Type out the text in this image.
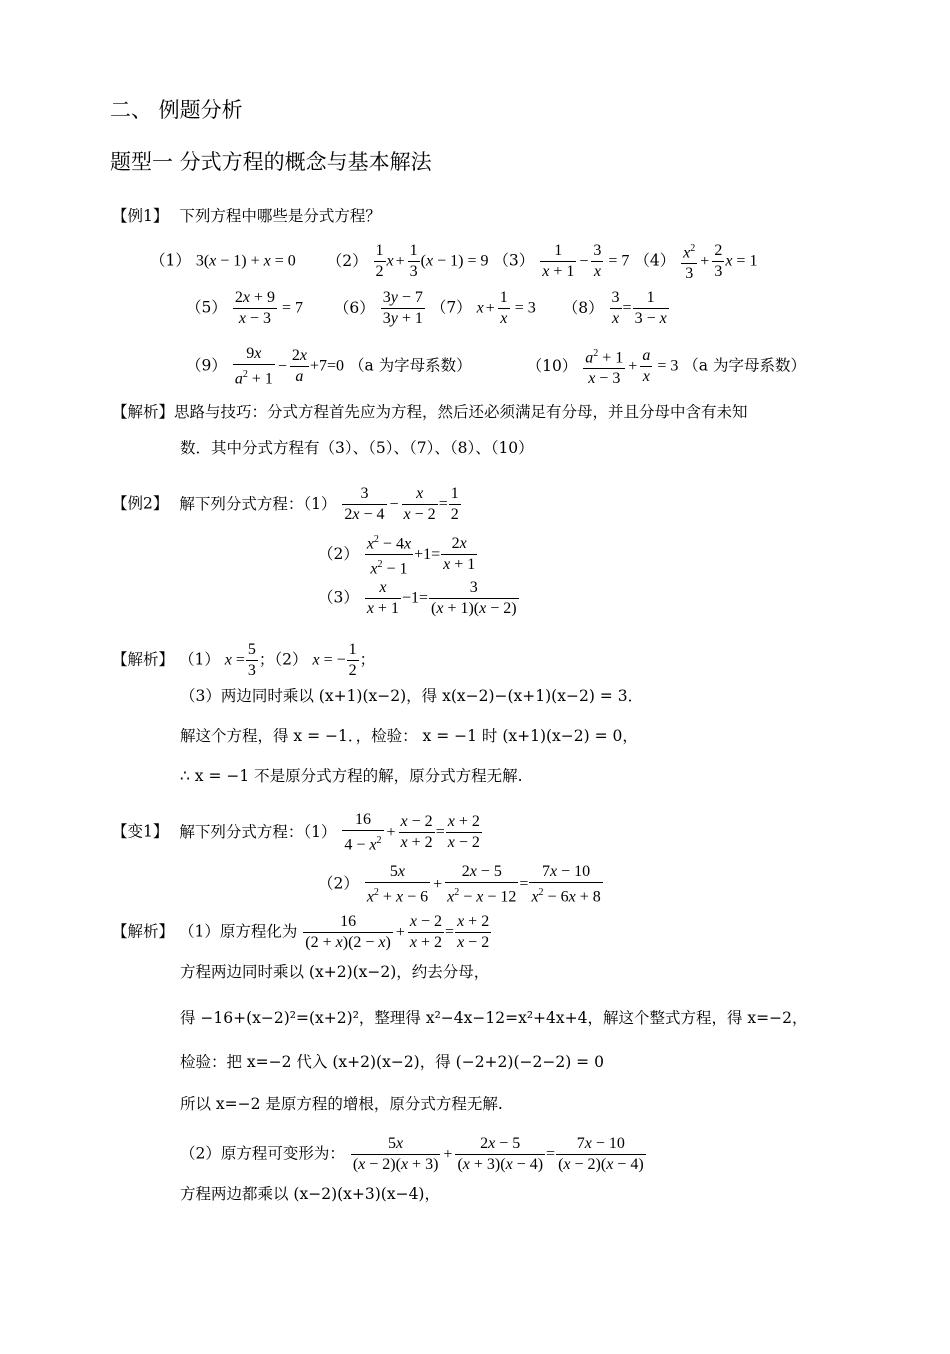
二、 例题分析
题型一 分式方程的概念与基本解法
【例1】 下列方程中哪些是分式方程？
（1） 3(x − 1) + x = 0 $(2) \frac{1}{2}$ $x + \frac{1}{3} (x - 1) = 9$ $(3) \frac{1}{x + 1} - \frac{3}{x} = 7$ $(4) \frac{x^2}{3} + \frac{2}{3}$ x = 1
$(5) \frac{2x + 9}{x - 3} = 7$ $(6) \frac{3y - 7}{3y + 1} (7) x + \frac{1}{x} = 3$ $(8) \frac{3}{x} = \frac{1}{3 - x}$
$(9) \frac{9x}{a^2 + 1} - \frac{2x}{a} +7=0$ （a 为字母系数）	$(10) \frac{a^2 + 1}{x - 3} + \frac{a}{x} = 3$ （a 为字母系数）
【解析】思路与技巧：分式方程首先应为方程，然后还必须满足有分母，并且分母中含有未知
数．其中分式方程有（3）、（5）、（7）、（8）、（10）
【例2】 解下列分式方程：$(1) \frac{3}{2x - 4} - \frac{x}{x - 2} = \frac{1}{2}$
$(2) \frac{x^2 - 4x}{x^2 - 1} +1= \frac{2x}{x + 1}$
$(3) \frac{x}{x + 1} -1= \frac{3}{(x + 1)(x - 2)}$
【解析】 （1） $x = \frac{5}{3}$ ；（2） x = − $\frac{1}{2}$ ；
（3）两边同时乘以 (x+1)(x−2)，得 x(x−2)−(x+1)(x−2) = 3．
解这个方程，得 x = −1．，检验： x = −1 时 (x+1)(x−2) = 0，
∴ x = −1 不是原分式方程的解，原分式方程无解.
【变1】 解下列分式方程：$(1) \frac{16}{4 - x^2} + \frac{x - 2}{x + 2} = \frac{x + 2}{x - 2}$
$(2) \frac{5x}{x^2 + x - 6} + \frac{2x - 5}{x^2 - x - 12} = \frac{7x - 10}{x^2 - 6x + 8}$
【解析】 （1）原方程化为 $\frac{16}{(2 + x)(2 - x)} + \frac{x - 2}{x + 2} = \frac{x + 2}{x - 2}$
方程两边同时乘以 (x+2)(x−2)，约去分母，
得 −16+(x−2)²=(x+2)²，整理得 x²−4x−12=x²+4x+4，解这个整式方程，得 x=−2，
检验：把 x=−2 代入 (x+2)(x−2)，得 (−2+2)(−2−2) = 0
所以 x=−2 是原方程的增根，原分式方程无解.
（2）原方程可变形为： $\frac{5x}{(x - 2)(x + 3)} + \frac{2x - 5}{(x + 3)(x - 4)} = \frac{7x - 10}{(x - 2)(x - 4)}$
方程两边都乘以 (x−2)(x+3)(x−4)，
